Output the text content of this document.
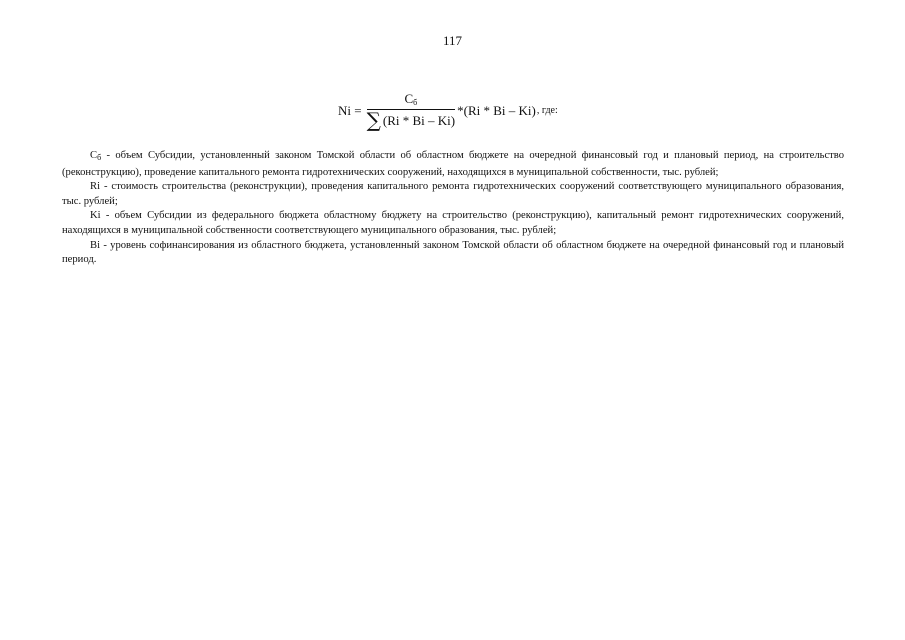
117
$Ni = \frac{C_б}{\sum (Ri * Bi - Ki)} *(Ri * Bi - Ki)$ , где:

$C_б$ - объем Субсидии, установленный законом Томской области об областном бюджете на очередной финансовый год и плановый период, на строительство (реконструкцию), проведение капитального ремонта гидротехнических сооружений, находящихся в муниципальной собственности, тыс. рублей;

Ri - стоимость строительства (реконструкции), проведения капитального ремонта гидротехнических сооружений соответствующего муниципального образования, тыс. рублей;

Ki - объем Субсидии из федерального бюджета областному бюджету на строительство (реконструкцию), капитальный ремонт гидротехнических сооружений, находящихся в муниципальной собственности соответствующего муниципального образования, тыс. рублей;

Bi - уровень софинансирования из областного бюджета, установленный законом Томской области об областном бюджете на очередной финансовый год и плановый период.
